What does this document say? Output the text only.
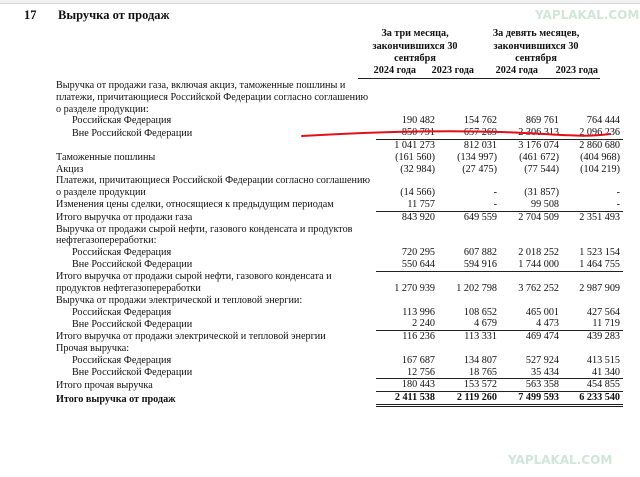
17 Выручка от продаж	YAPLAKAL.COM
За три месяца, закончившихся 30 сентября
За девять месяцев, закончившихся 30 сентября
2024 года	2023 года	2024 года	2023 года
Выручка от продажи газа, включая акциз, таможенные пошлины и платежи, причитающиеся Российской Федерации согласно соглашению о разделе продукции:				
Российская Федерация	190 482	154 762	869 761	764 444
Вне Российской Федерации	850 791	657 269	2 306 313	2 096 236
	1 041 273	812 031	3 176 074	2 860 680
Таможенные пошлины	(161 560)	(134 997)	(461 672)	(404 968)
Акциз	(32 984)	(27 475)	(77 544)	(104 219)
Платежи, причитающиеся Российской Федерации согласно соглашению о разделе продукции	(14 566)	-	(31 857)	-
Изменения цены сделки, относящиеся к предыдущим периодам	11 757	-	99 508	-
Итого выручка от продажи газа	843 920	649 559	2 704 509	2 351 493
Выручка от продажи сырой нефти, газового конденсата и продуктов нефтегазопереработки:				
Российская Федерация	720 295	607 882	2 018 252	1 523 154
Вне Российской Федерации	550 644	594 916	1 744 000	1 464 755
Итого выручка от продажи сырой нефти, газового конденсата и продуктов нефтегазопереработки	1 270 939	1 202 798	3 762 252	2 987 909
Выручка от продажи электрической и тепловой энергии:				
Российская Федерация	113 996	108 652	465 001	427 564
Вне Российской Федерации	2 240	4 679	4 473	11 719
Итого выручка от продажи электрической и тепловой энергии	116 236	113 331	469 474	439 283
Прочая выручка:				
Российская Федерация	167 687	134 807	527 924	413 515
Вне Российской Федерации	12 756	18 765	35 434	41 340
Итого прочая выручка	180 443	153 572	563 358	454 855
Итого выручка от продаж	2 411 538	2 119 260	7 499 593	6 233 540
YAPLAKAL.COM
